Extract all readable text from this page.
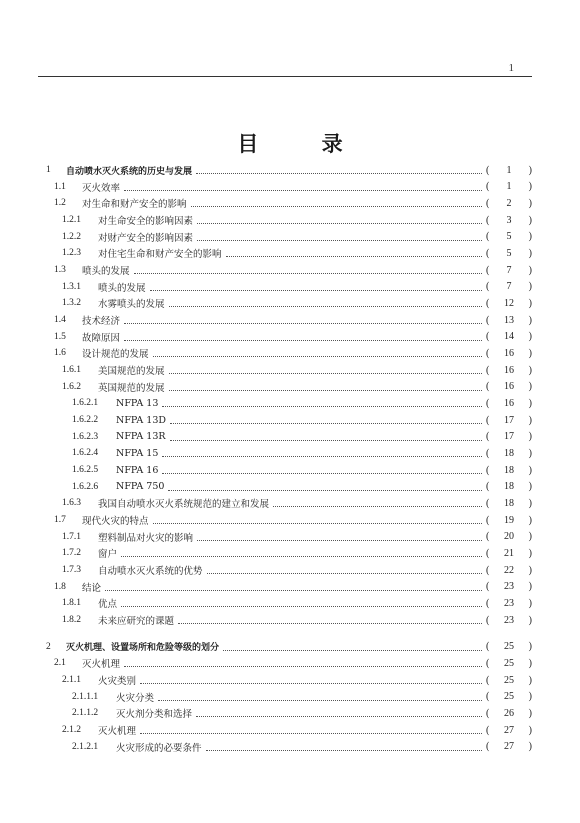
1
目 录
1	自动喷水灭火系统的历史与发展	(	1	)
1.1	灭火效率	(	1	)
1.2	对生命和财产安全的影响	(	2	)
1.2.1	对生命安全的影响因素	(	3	)
1.2.2	对财产安全的影响因素	(	5	)
1.2.3	对住宅生命和财产安全的影响	(	5	)
1.3	喷头的发展	(	7	)
1.3.1	喷头的发展	(	7	)
1.3.2	水雾喷头的发展	(	12	)
1.4	技术经济	(	13	)
1.5	故障原因	(	14	)
1.6	设计规范的发展	(	16	)
1.6.1	美国规范的发展	(	16	)
1.6.2	英国规范的发展	(	16	)
1.6.2.1	NFPA 13	(	16	)
1.6.2.2	NFPA 13D	(	17	)
1.6.2.3	NFPA 13R	(	17	)
1.6.2.4	NFPA 15	(	18	)
1.6.2.5	NFPA 16	(	18	)
1.6.2.6	NFPA 750	(	18	)
1.6.3	我国自动喷水灭火系统规范的建立和发展	(	18	)
1.7	现代火灾的特点	(	19	)
1.7.1	塑料制品对火灾的影响	(	20	)
1.7.2	窗户	(	21	)
1.7.3	自动喷水灭火系统的优势	(	22	)
1.8	结论	(	23	)
1.8.1	优点	(	23	)
1.8.2	未来应研究的课题	(	23	)
2	灭火机理、设置场所和危险等级的划分	(	25	)
2.1	灭火机理	(	25	)
2.1.1	火灾类别	(	25	)
2.1.1.1	火灾分类	(	25	)
2.1.1.2	灭火剂分类和选择	(	26	)
2.1.2	灭火机理	(	27	)
2.1.2.1	火灾形成的必要条件	(	27	)
